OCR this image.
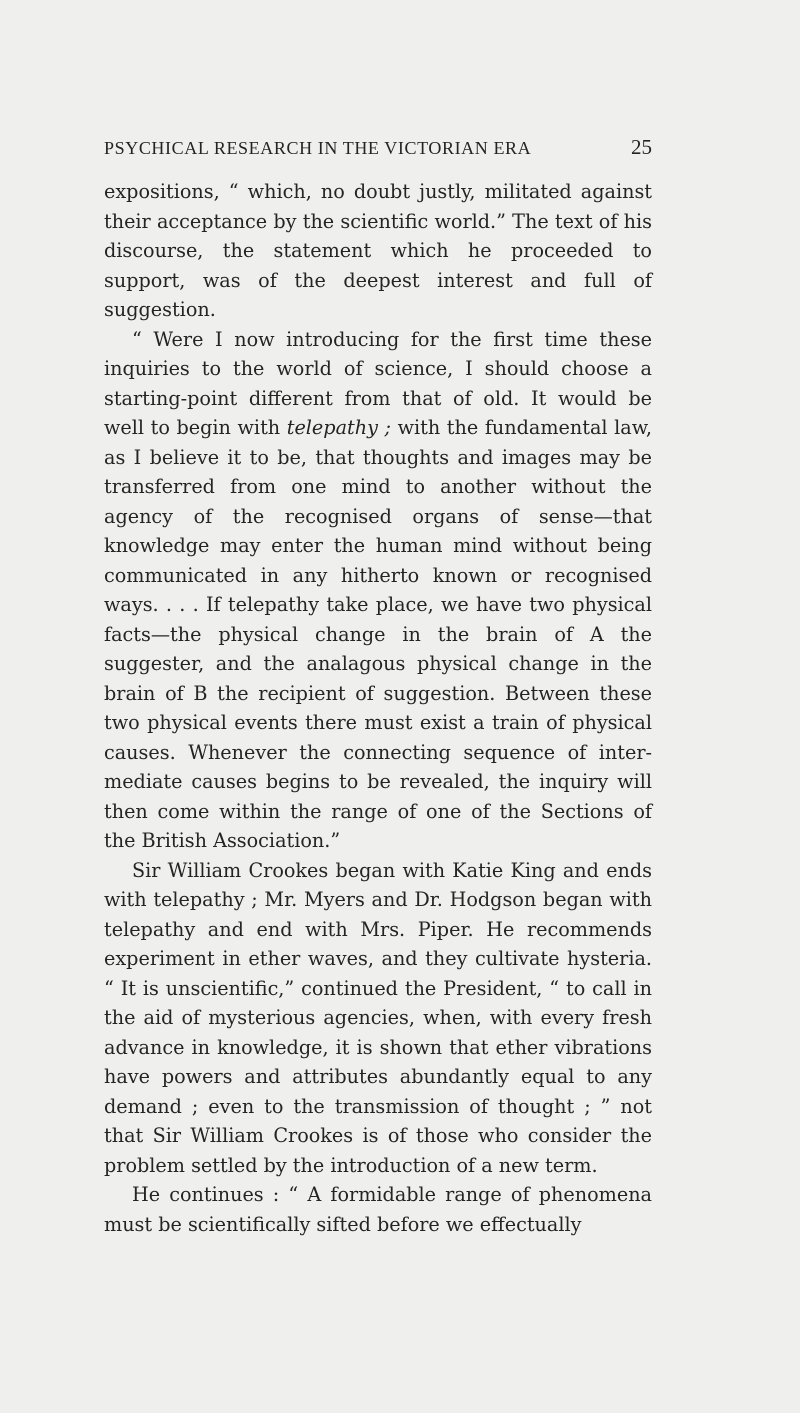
PSYCHICAL RESEARCH IN THE VICTORIAN ERA	25

expositions, “ which, no doubt justly, militated against their acceptance by the scientific world.” The text of his discourse, the statement which he proceeded to support, was of the deepest interest and full of suggestion.

“ Were I now introducing for the first time these inquiries to the world of science, I should choose a starting-point different from that of old. It would be well to begin with telepathy ; with the fundamental law, as I believe it to be, that thoughts and images may be transferred from one mind to another without the agency of the recognised organs of sense—that knowledge may enter the human mind without being communicated in any hitherto known or recognised ways. . . . If telepathy take place, we have two physical facts—the physical change in the brain of A the suggester, and the analagous physical change in the brain of B the recipient of suggestion. Between these two physical events there must exist a train of physical causes. Whenever the connecting sequence of intermediate causes begins to be revealed, the inquiry will then come within the range of one of the Sections of the British Association.”

Sir William Crookes began with Katie King and ends with telepathy ; Mr. Myers and Dr. Hodgson began with telepathy and end with Mrs. Piper. He recommends experiment in ether waves, and they cultivate hysteria. “ It is unscientific,” continued the President, “ to call in the aid of mysterious agencies, when, with every fresh advance in knowledge, it is shown that ether vibrations have powers and attributes abundantly equal to any demand ; even to the transmission of thought ; ” not that Sir William Crookes is of those who consider the problem settled by the introduction of a new term.

He continues : “ A formidable range of phenomena must be scientifically sifted before we effectually
